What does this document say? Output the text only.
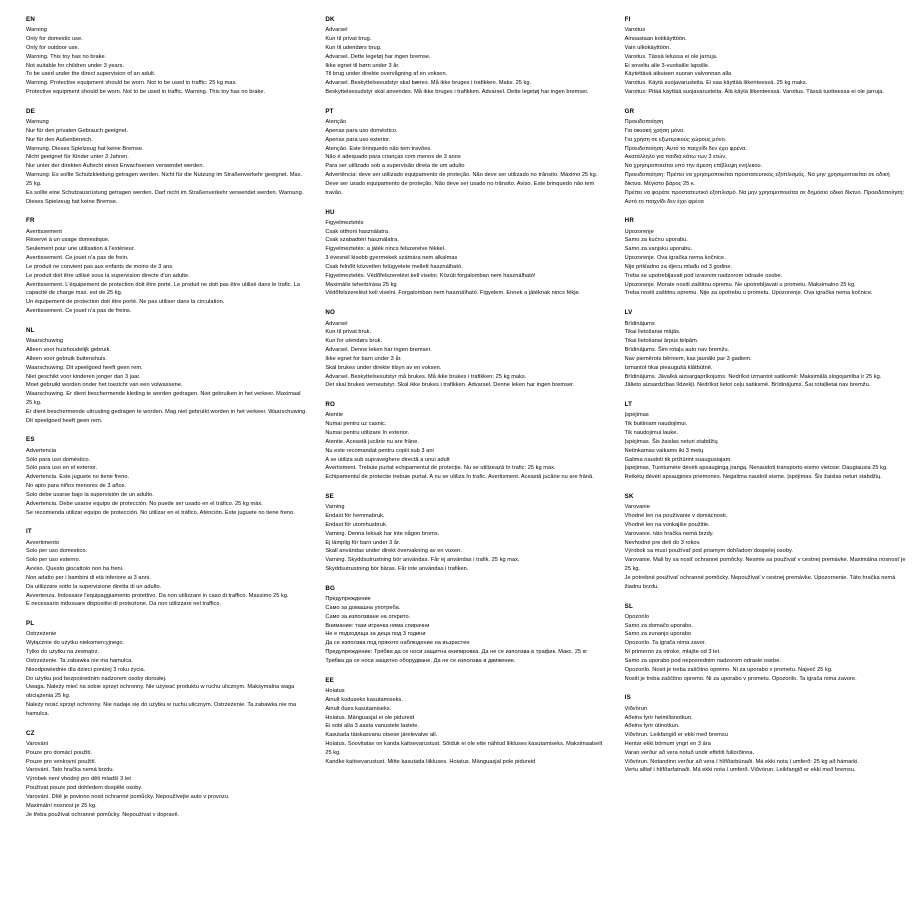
EN

Warning

Only for domestic use.

Only for outdoor use.

Warning. This toy has no brake.

Not suitable for children under 3 years.

To be used under the direct supervision of an adult.

Warning. Protective equipment should be worn. Not to be used in traffic: 25 kg max.

Protective equipment should be worn. Not to be used in traffic. Warning. This toy has no brake.

DE

Warnung

Nur für den privaten Gebrauch geeignet.

Nur für den Außenbereich.

Warnung. Dieses Spielzeug hat keine Bremse.

Nicht geeignet für Kinder unter 3 Jahren.

Nur unter der direkten Aufsicht eines Erwachsenen verwendet werden.

Warnung: Es sollte Schutzkleidung getragen werden. Nicht für die Nutzung im Straßenverkehr geeignet. Max. 25 kg.

Es sollte eine Schutzausrüstung getragen werden. Darf nicht im Straßenverkehr verwendet werden. Warnung. Dieses Spielzeug hat keine Bremse.

FR

Avertissement

Réservé à un usage domestique.

Seulement pour une utilisation à l'extérieur.

Avertissement. Ce jouet n'a pas de frein.

Le produit ne convient pas aux enfants de moins de 3 ans.

Le produit doit être utilisé sous la supervision directe d'un adulte.

Avertissement. L'équipement de protection doit être porté. Le produit ne doit pas être utilisé dans le trafic. La capacité de charge max. est de 25 kg.

Un équipement de protection doit être porté. Ne pas utiliser dans la circulation.

Avertissement. Ce jouet n'a pas de freins.

NL

Waarschuwing

Alleen voor huishoudelijk gebruik.

Alleen voor gebruik buitenshuis.

Waarschuwing. Dit speelgoed heeft geen rem.

Niet geschikt voor kinderen jonger dan 3 jaar.

Moet gebruikt worden onder het toezicht van een volwassene.

Waarschuwing. Er dient beschermende kleding te worden gedragen. Niet gebruiken in het verkeer. Maximaal 25 kg.

Er dient beschermende uitrusting gedragen te worden. Mag niet gebruikt worden in het verkeer. Waarschuwing. Dit speelgoed heeft geen rem.

ES

Advertencia

Sólo para uso doméstico.

Sólo para uso en el exterior.

Advertencia. Este juguete no tiene freno.

No apto para niños menores de 3 años.

Solo debe usarse bajo la supervisión de un adulto.

Advertencia. Debe usarse equipo de protección. No puede ser usado en el tráfico. 25 kg máx.

Se recomienda utilizar equipo de protección. No utilizar en el tráfico. Atención. Este juguete no tiene freno.

IT

Avvertimento

Solo per uso domestico.

Solo per uso esterno.

Avviso. Questo giocattolo non ha freni.

Non adatto per i bambini di età inferiore ai 3 anni.

Da utilizzare sotto la supervisione diretta di un adulto.

Avvertenza. Indossare l'equipaggiamento protettivo. Da non utilizzare in caso di traffico. Massimo 25 kg.

È necessario indossare dispositivi di protezione. Da non utilizzare nel traffico.

PL

Ostrzeżenie

Wyłącznie do użytku niekomercyjnego.

Tylko do użytku na zewnątrz.

Ostrzeżenie. Ta zabawka nie ma hamulca.

Nieodpowiednie dla dzieci poniżej 3 roku życia.

Do użytku pod bezpośrednim nadzorem osoby dorosłej.

Uwaga. Należy mieć na sobie sprzęt ochronny. Nie używać produktu w ruchu ulicznym. Maksymalna waga obciążenia 25 kg.

Należy nosić sprzęt ochronny. Nie nadaje się do użytku w ruchu ulicznym. Ostrzeżenie. Ta zabawka nie ma hamulca.

CZ

Varování

Pouze pro domácí použití.

Pouze pro venkovní použití.

Varování. Tato hračka nemá brzdu.

Výrobek není vhodný pro děti mladší 3 let

Používat pouze pod dohledem dospělé osoby.

Varování. Dítě je povinno nosit ochranné pomůcky. Nepoužívejte auto v provozu.

Maximální nosnost je 25 kg.

Je třeba používat ochranné pomůcky. Nepoužívat v dopravě.

DK

Advarsel

Kun til privat brug.

Kun til udendørs brug.

Advarsel. Dette legetøj har ingen bremse.

Ikke egnet til børn under 3 år.

Til brug under direkte overvågning af en voksen.

Advarsel. Beskyttelsesudstyr skal bæres. Må ikke bruges i trafikken. Maks. 25 kg.

Beskyttelsesudstyr skal anvendes. Må ikke bruges i trafikken. Advarsel. Dette legetøj har ingen bremser.

PT

Atenção

Apenas para uso doméstico.

Apenas para uso exterior.

Atenção. Este brinquedo não tem travões.

Não é adequado para crianças com menos de 3 anos

Para ser utilizado sob a supervisão direta de um adulto

Advertência: deve ser utilizado equipamento de proteção. Não deve ser utilizado no trânsito. Máximo 25 kg.

Deve ser usado equipamento de proteção. Não deve ser usado no trânsito. Aviso. Este brinquedo não tem travão.

HU

Figyelmeztetés

Csak otthoni használatra.

Csak szabadtéri használatra.

Figyelmeztetés: a játék nincs felszerelve fékkel.

3 évesnél kisebb gyermekek számára nem alkalmas

Csak felnőtt közvetlen felügyelete mellett használható.

Figyelmeztetés. Védőfelszerelést kell viselni. Közúti forgalomban nem használható!

Maximális teherbírása 25 kg

Védőfelszerelést kell viselni. Forgalomban nem használható. Figyelem. Ennek a játéknak nincs fékje.

NO

Advarsel

Kun til privat bruk.

Kun for utendørs bruk.

Advarsel. Denne leken har ingen bremser.

Ikke egnet for barn under 3 år.

Skal brukes under direkte tilsyn av en voksen.

Advarsel. Beskyttelsesutstyr må brukes. Må ikke brukes i trafikken: 25 kg maks.

Det skal brukes verneutstyr. Skal ikke brukes i trafikken. Advarsel. Denne leken har ingen bremser.

RO

Atentie

Numai pentru uz casnic.

Numai pentru utilizare în exterior.

Atentie. Această jucărie nu are frâne.

Nu este recomandat pentru copiii sub 3 ani

A se utiliza sub supraveghere directă a unui adult

Avertisment. Trebuie purtat echipamentul de protecție. Nu se utilizează în trafic: 25 kg max.

Echipamentul de protectie trebuie purtat. A nu se utiliza în trafic. Avertisment. Această jucărie nu are frână.

SE

Varning

Endast för hemmabruk.

Endast för utomhusbruk.

Varning. Denna leksak har inte någon broms.

Ej lämplig för barn under 3 år.

Skall användas under direkt övervakning av en vuxen.

Varning. Skyddsutrustning bör användas. Får ej användas i trafik. 25 kg max.

Skyddsutrustning bör bäras. Får inte användas i trafiken.

BG

Предупреждение

Само за домашна употреба.

Само за използване на открито.

Внимание: тази играчка няма спирачни

Не е подходяща за деца под 3 години

Да се използва под прякото наблюдение на възрастен

Предупреждение: Трябва да се носи защитна екипировка. Да не се използва в трафик. Макс. 25 кг

Трябва да се носи защитно оборудване. Да не се използва в движение.

EE

Hoiatus

Ainult koduseks kasutamiseks.

Ainult õues kasutamiseks.

Hoiatus. Mänguasjal ei ole pidureid

Ei sobi alla 3 aasta vanustele lastele.

Kasutada täiskasvanu otsese järelevalve all.

Hoiatus. Soovitatav on kanda kaitsevarustust. Sõiduk ei ole ette nähtud liikluses kasutamiseks. Maksimaalselt 25 kg.

Kandke kaitsevarustust. Mitte kasutada liikluses. Hoiatus. Mänguasjal pole pidureid

FI

Varoitus

Ainoastaan kotikäyttöön.

Vain ulkokäyttöön.

Varoitus. Tässä lelussa ei ole jarruja.

Ei soveltu alle 3-vuotiaille lapsille.

Käytettävä aikuisen suoran valvonnan alla

Varoitus. Käytä suojavarusteita. Ei saa käyttää liikenteessä. 25 kg maks.

Varoitus: Pitää käyttää suojavarusteita. Älä käytä liikenteessä. Varoitus. Tässä tuotteessa ei ole jarruja.

GR

Προειδοποίηση

Για οικιακή χρήση μόνο.

Για χρήση σε εξωτερικούς χώρους μόνο.

Προειδοποίηση: Αυτό το παιχνίδι δεν έχει φρένα.

Ακατάλληλο για παιδιά κάτω των 3 ετών.

Να χρησιμοποιείται υπό την άμεση επίβλεψη ενήλικου.

Προειδοποίηση: Πρέπει να χρησιμοποιείται προστατευτικός εξοπλισμός. Να μην χρησιμοποιείται σε οδική δίκτυα. Μέγιστο βάρος 25 κ.

Πρέπει να φοράτε προστατευτικό εξοπλισμό. Να μην χρησιμοποιείται σε δημόσιο οδικό δίκτυο. Προειδοποίηση: Αυτό το παιχνίδι δεν έχει φρένα

HR

Upozorenje

Samo za kućnu uporabu.

Samo za vanjsku uporabu.

Upozorenje. Ova igračka nema kočnice.

Nije prikladno za djecu mlađu od 3 godine.

Treba se upotrebljavati pod izravnim nadzorom odrasle osobe.

Upozorenje. Morate nositi zaštitnu opremu. Ne upotrebljavati u prometu. Maksimalno 25 kg.

Treba nositi zaštitnu opremu. Nije za upotrebu u prometu. Upozorenje. Ova igračka nema kočnice.

LV

Brīdinājums

Tikai lietošanai mājās.

Tikai lietošanai ārpus telpām.

Brīdinājums. Šim rotaļu auto nav bremžu.

Nav piemērots bērniem, kas jaunāki par 3 gadiem.

Izmantot tikai pieaugušā klātbūtnē.

Brīdinājums. Jāvalkā aizsargaprīkojums. Nedrīkst izmantot satiksmē: Maksimālā slogojamība ir 25 kg.

Jālieto aizsardzības līdzekļi. Nedrīkst lietot ceļu satiksmē. Brīdinājums. Šai rotaļlietai nav bremžu.

LT

Įspėjimas

Tik buitiniam naudojimui.

Tik naudojimui lauke.

Įspėjimas. Šis žaislas neturi stabdžių

Netinkamas vaikams iki 3 metų

Galima naudoti tik prižiūrint suaugusiajam.

Įspėjimas. Turėtumėte dėvėti apsaugingą įrangą. Nenaudoti transporto eismo vietose: Daugiausia 25 kg.

Reikėtų dėvėti apsaugines priemones. Negalima naudoti eisme. Įspėjimas. Šis žaislas neturi stabdžių.

SK

Varovanie

Vhodné len na používanie v domácnosti.

Vhodné len na vonkajšie použitie.

Varovanie. táto hračka nemá brzdy.

Nevhodné pre deti do 3 rokov.

Výrobok sa musí používať pod priamym dohľadom dospelej osoby.

Varovanie. Mali by sa nosiť ochranné pomôcky. Nesmie sa používať v cestnej premávke. Maximálna nosnosť je 25 kg.

Je potrebné používať ochranné pomôcky. Nepoužívať v cestnej premávke. Upozornenie. Táto hračka nemá žiadnu brzdu.

SL

Opozorilo

Samo za domačo uporabo.

Samo za zunanjo uporabo

Opozorilo. Ta igrača nima zavor.

Ni primerno za otroke, mlajše od 3 let.

Samo za uporabo pod neposrednim nadzorom odrasle osebe.

Opozorilo. Nosit je treba zaščitno opremo. Ni za uporabo v prometu. Največ 25 kg.

Nositi je treba zaščitno opremo. Ni za uporabo v prometu. Opozorilo. Ta igrača nima zavore.

IS

Viðvörun

Aðeins fyrir heimilisnotkun.

Aðeins fyrir útinotkun.

Viðvörun. Leikfangið er ekki með bremsu

Hentar ekki börnum yngri en 3 ára

Varan verður að vera notuð undir eftirliti fullorðinna.

Viðvörun. Notandinn verður að vera í hlífðarbúnaði. Má ekki nota í umferð: 25 kg að hámarki.

Vertu alltaf í hlífðarfatnaði. Má ekki nota í umferð. Viðvörun. Leikfangið er ekki með bremsu.
